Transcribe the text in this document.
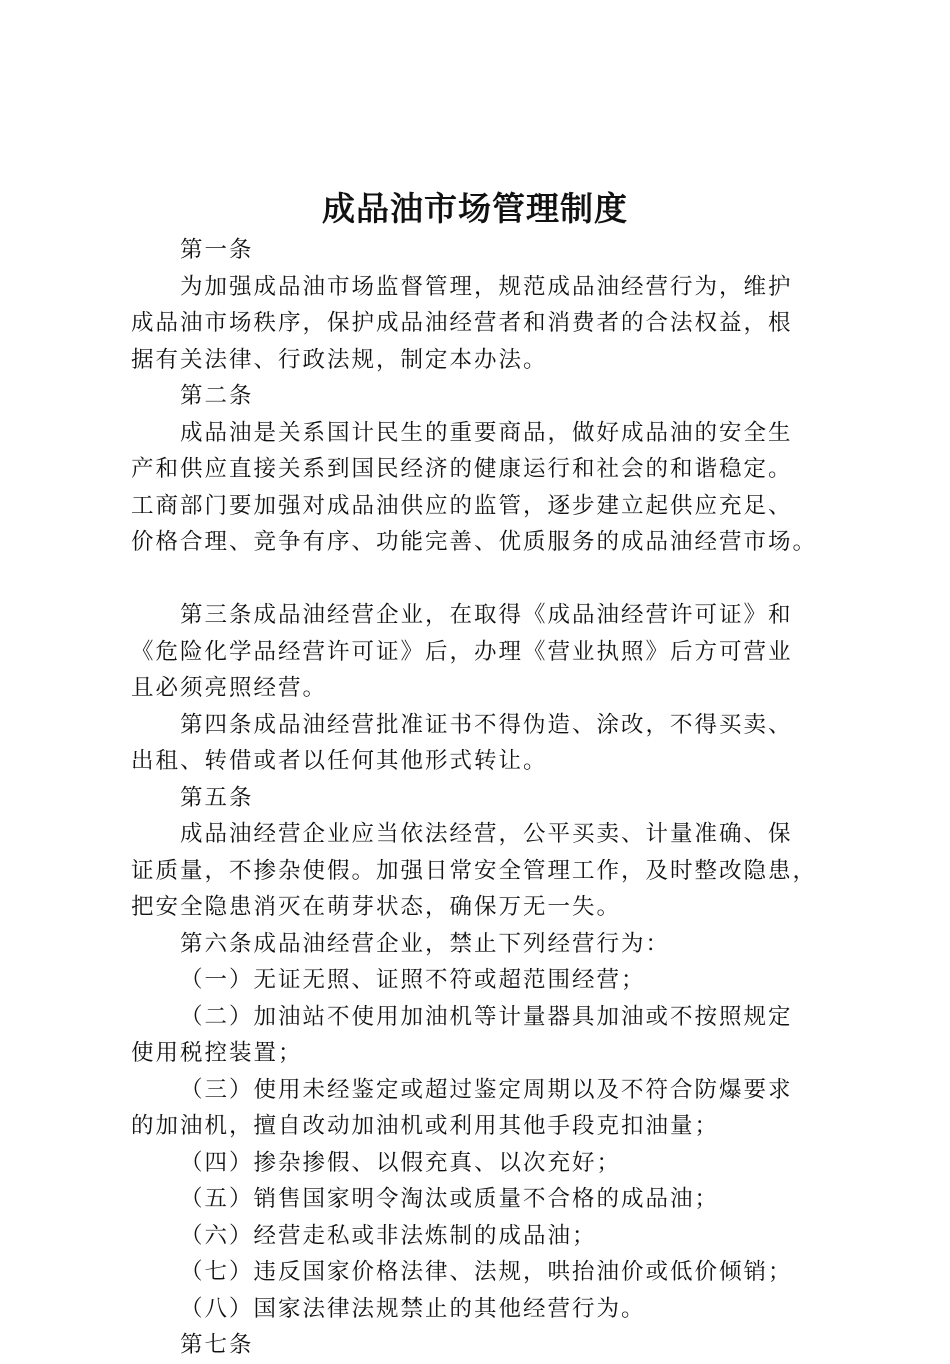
成品油市场管理制度

第一条

为加强成品油市场监督管理，规范成品油经营行为，维护

成品油市场秩序，保护成品油经营者和消费者的合法权益，根

据有关法律、行政法规，制定本办法。

第二条

成品油是关系国计民生的重要商品，做好成品油的安全生

产和供应直接关系到国民经济的健康运行和社会的和谐稳定。

工商部门要加强对成品油供应的监管，逐步建立起供应充足、

价格合理、竞争有序、功能完善、优质服务的成品油经营市场。

第三条成品油经营企业，在取得《成品油经营许可证》和

《危险化学品经营许可证》后，办理《营业执照》后方可营业

且必须亮照经营。

第四条成品油经营批准证书不得伪造、涂改，不得买卖、

出租、转借或者以任何其他形式转让。

第五条

成品油经营企业应当依法经营，公平买卖、计量准确、保

证质量，不掺杂使假。加强日常安全管理工作，及时整改隐患，

把安全隐患消灭在萌芽状态，确保万无一失。

第六条成品油经营企业，禁止下列经营行为：

（一）无证无照、证照不符或超范围经营；

（二）加油站不使用加油机等计量器具加油或不按照规定

使用税控装置；

（三）使用未经鉴定或超过鉴定周期以及不符合防爆要求

的加油机，擅自改动加油机或利用其他手段克扣油量；

（四）掺杂掺假、以假充真、以次充好；

（五）销售国家明令淘汰或质量不合格的成品油；

（六）经营走私或非法炼制的成品油；

（七）违反国家价格法律、法规，哄抬油价或低价倾销；

（八）国家法律法规禁止的其他经营行为。

第七条
